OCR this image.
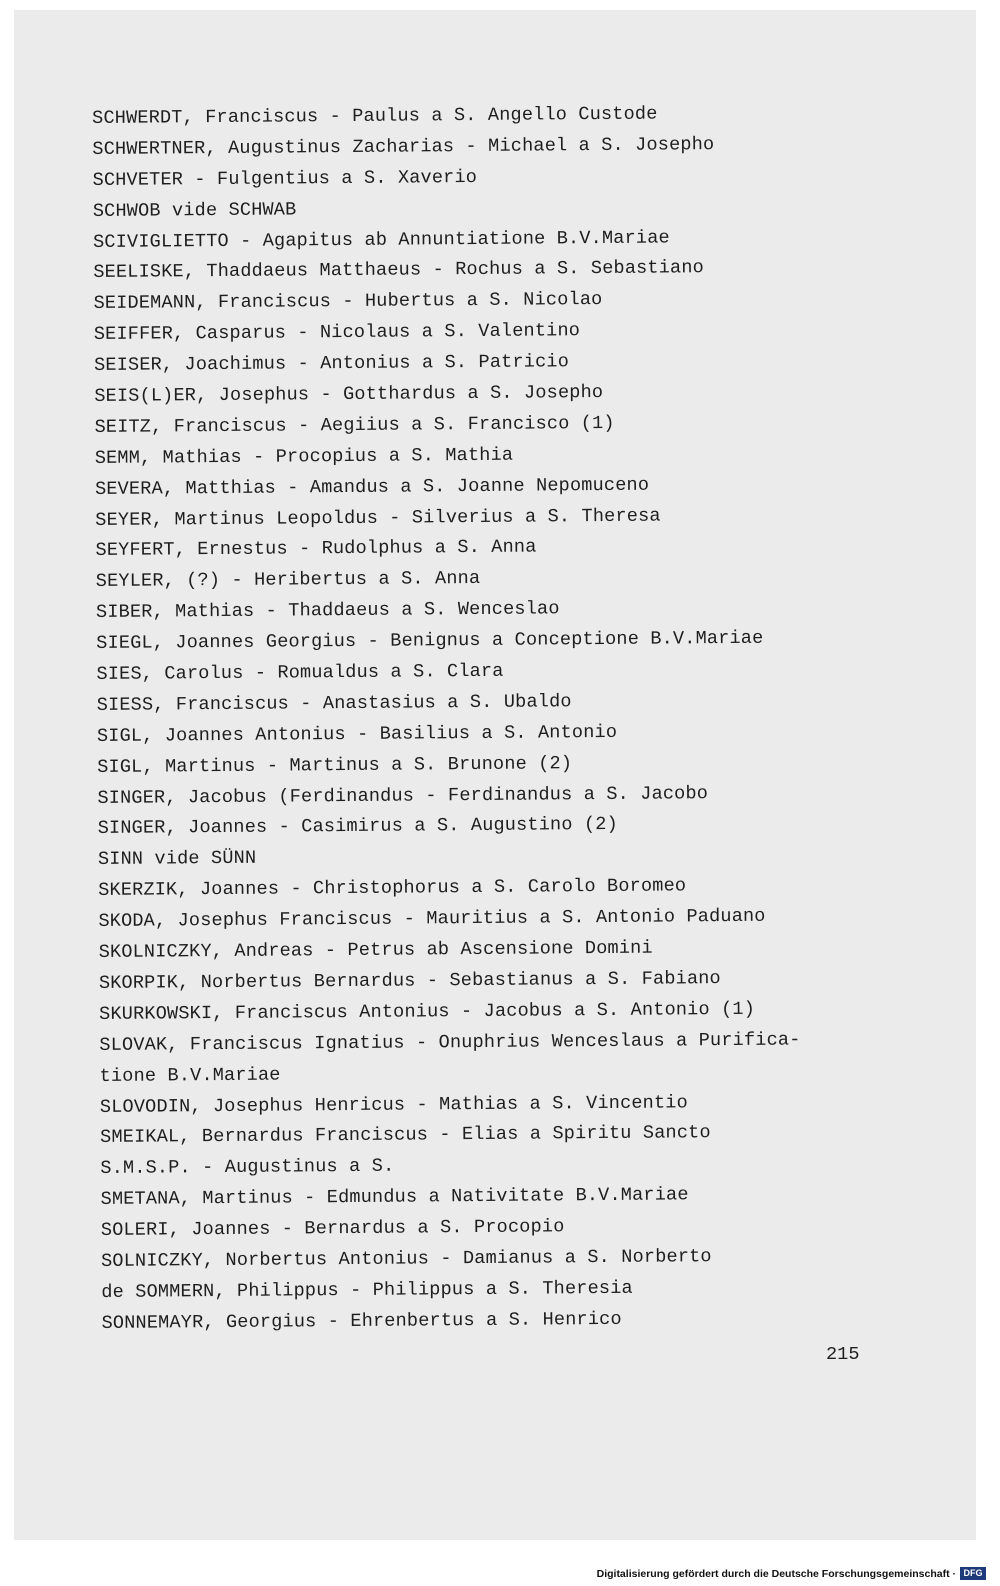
SCHWERDT, Franciscus - Paulus a S. Angello Custode
SCHWERTNER, Augustinus Zacharias - Michael a S. Josepho
SCHVETER - Fulgentius a S. Xaverio
SCHWOB vide SCHWAB
SCIVIGLIETTO - Agapitus ab Annuntiatione B.V.Mariae
SEELISKE, Thaddaeus Matthaeus - Rochus a S. Sebastiano
SEIDEMANN, Franciscus - Hubertus a S. Nicolao
SEIFFER, Casparus - Nicolaus a S. Valentino
SEISER, Joachimus - Antonius a S. Patricio
SEIS(L)ER, Josephus - Gotthardus a S. Josepho
SEITZ, Franciscus - Aegiius a S. Francisco (1)
SEMM, Mathias - Procopius a S. Mathia
SEVERA, Matthias - Amandus a S. Joanne Nepomuceno
SEYER, Martinus Leopoldus - Silverius a S. Theresa
SEYFERT, Ernestus - Rudolphus a S. Anna
SEYLER, (?) - Heribertus a S. Anna
SIBER, Mathias - Thaddaeus a S. Wenceslao
SIEGL, Joannes Georgius - Benignus a Conceptione B.V.Mariae
SIES, Carolus - Romualdus a S. Clara
SIESS, Franciscus - Anastasius a S. Ubaldo
SIGL, Joannes Antonius - Basilius a S. Antonio
SIGL, Martinus - Martinus a S. Brunone (2)
SINGER, Jacobus (Ferdinandus - Ferdinandus a S. Jacobo
SINGER, Joannes - Casimirus a S. Augustino (2)
SINN vide SÜNN
SKERZIK, Joannes - Christophorus a S. Carolo Boromeo
SKODA, Josephus Franciscus - Mauritius a S. Antonio Paduano
SKOLNICZKY, Andreas - Petrus ab Ascensione Domini
SKORPIK, Norbertus Bernardus - Sebastianus a S. Fabiano
SKURKOWSKI, Franciscus Antonius - Jacobus a S. Antonio (1)
SLOVAK, Franciscus Ignatius - Onuphrius Wenceslaus a Purifica-
tione B.V.Mariae
SLOVODIN, Josephus Henricus - Mathias a S. Vincentio
SMEIKAL, Bernardus Franciscus - Elias a Spiritu Sancto
S.M.S.P. - Augustinus a S.
SMETANA, Martinus - Edmundus a Nativitate B.V.Mariae
SOLERI, Joannes - Bernardus a S. Procopio
SOLNICZKY, Norbertus Antonius - Damianus a S. Norberto
de SOMMERN, Philippus - Philippus a S. Theresia
SONNEMAYR, Georgius - Ehrenbertus a S. Henrico
215
Digitalisierung gefördert durch die Deutsche Forschungsgemeinschaft · DFG
